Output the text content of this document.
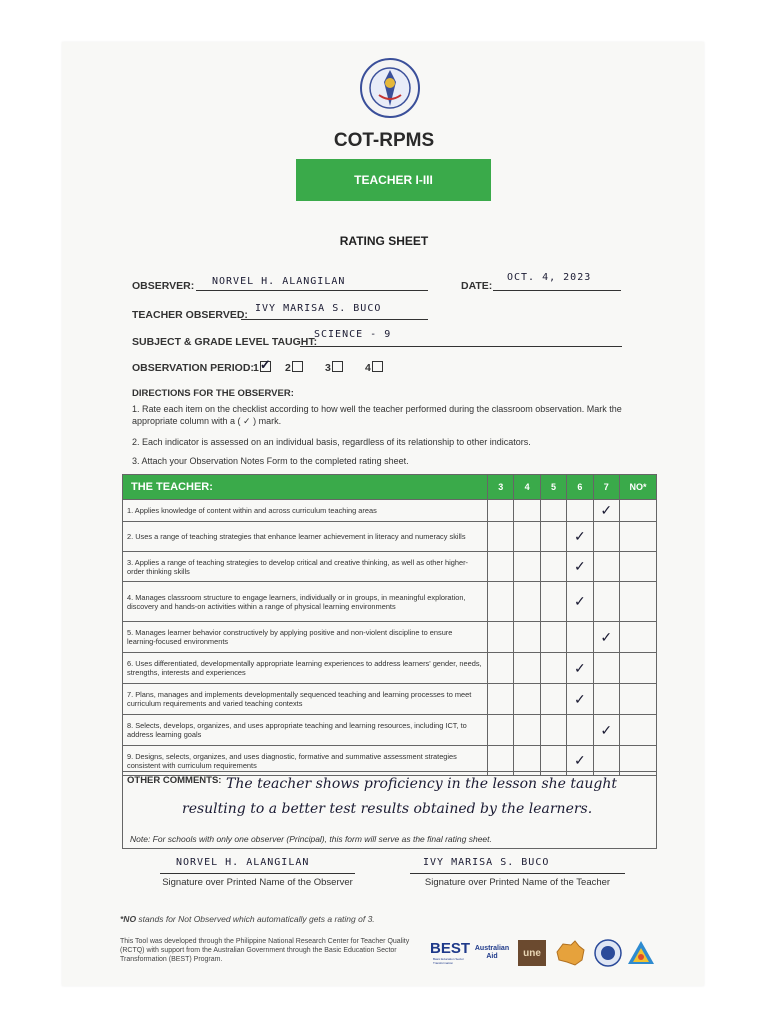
COT-RPMS
TEACHER I-III
RATING SHEET
OBSERVER: NORVEL H. ALANGILAN	DATE:
OCT. 4, 2023
TEACHER OBSERVED:
IVY MARISA S. BUCO
SUBJECT & GRADE LEVEL TAUGHT:
SCIENCE - 9
OBSERVATION PERIOD: 1 ✓ 2	3	4
DIRECTIONS FOR THE OBSERVER:
1. Rate each item on the checklist according to how well the teacher performed during the classroom observation. Mark the appropriate column with a ( ✓ ) mark.
2. Each indicator is assessed on an individual basis, regardless of its relationship to other indicators.
3. Attach your Observation Notes Form to the completed rating sheet.
THE TEACHER:	3	4	5	6	7	NO*
1. Applies knowledge of content within and across curriculum teaching areas					✓	
2. Uses a range of teaching strategies that enhance learner achievement in literacy and numeracy skills				✓		
3. Applies a range of teaching strategies to develop critical and creative thinking, as well as other higher-order thinking skills				✓		
4. Manages classroom structure to engage learners, individually or in groups, in meaningful exploration, discovery and hands-on activities within a range of physical learning environments				✓		
5. Manages learner behavior constructively by applying positive and non-violent discipline to ensure learning-focused environments					✓	
6. Uses differentiated, developmentally appropriate learning experiences to address learners' gender, needs, strengths, interests and experiences				✓		
7. Plans, manages and implements developmentally sequenced teaching and learning processes to meet curriculum requirements and varied teaching contexts				✓		
8. Selects, develops, organizes, and uses appropriate teaching and learning resources, including ICT, to address learning goals					✓	
9. Designs, selects, organizes, and uses diagnostic, formative and summative assessment strategies consistent with curriculum requirements				✓		
OTHER COMMENTS: The teacher shows proficiency in the lesson she taught
resulting to a better test results obtained by the learners.
Note: For schools with only one observer (Principal), this form will serve as the final rating sheet.
NORVEL H. ALANGILAN
Signature over Printed Name of the Observer
IVY MARISA S. BUCO
Signature over Printed Name of the Teacher
*NO stands for Not Observed which automatically gets a rating of 3.
This Tool was developed through the Philippine National Research Center for Teacher Quality (RCTQ) with support from the Australian Government through the Basic Education Sector Transformation (BEST) Program.
BEST
Basic Education Sector Transformation
Australian Aid	une
